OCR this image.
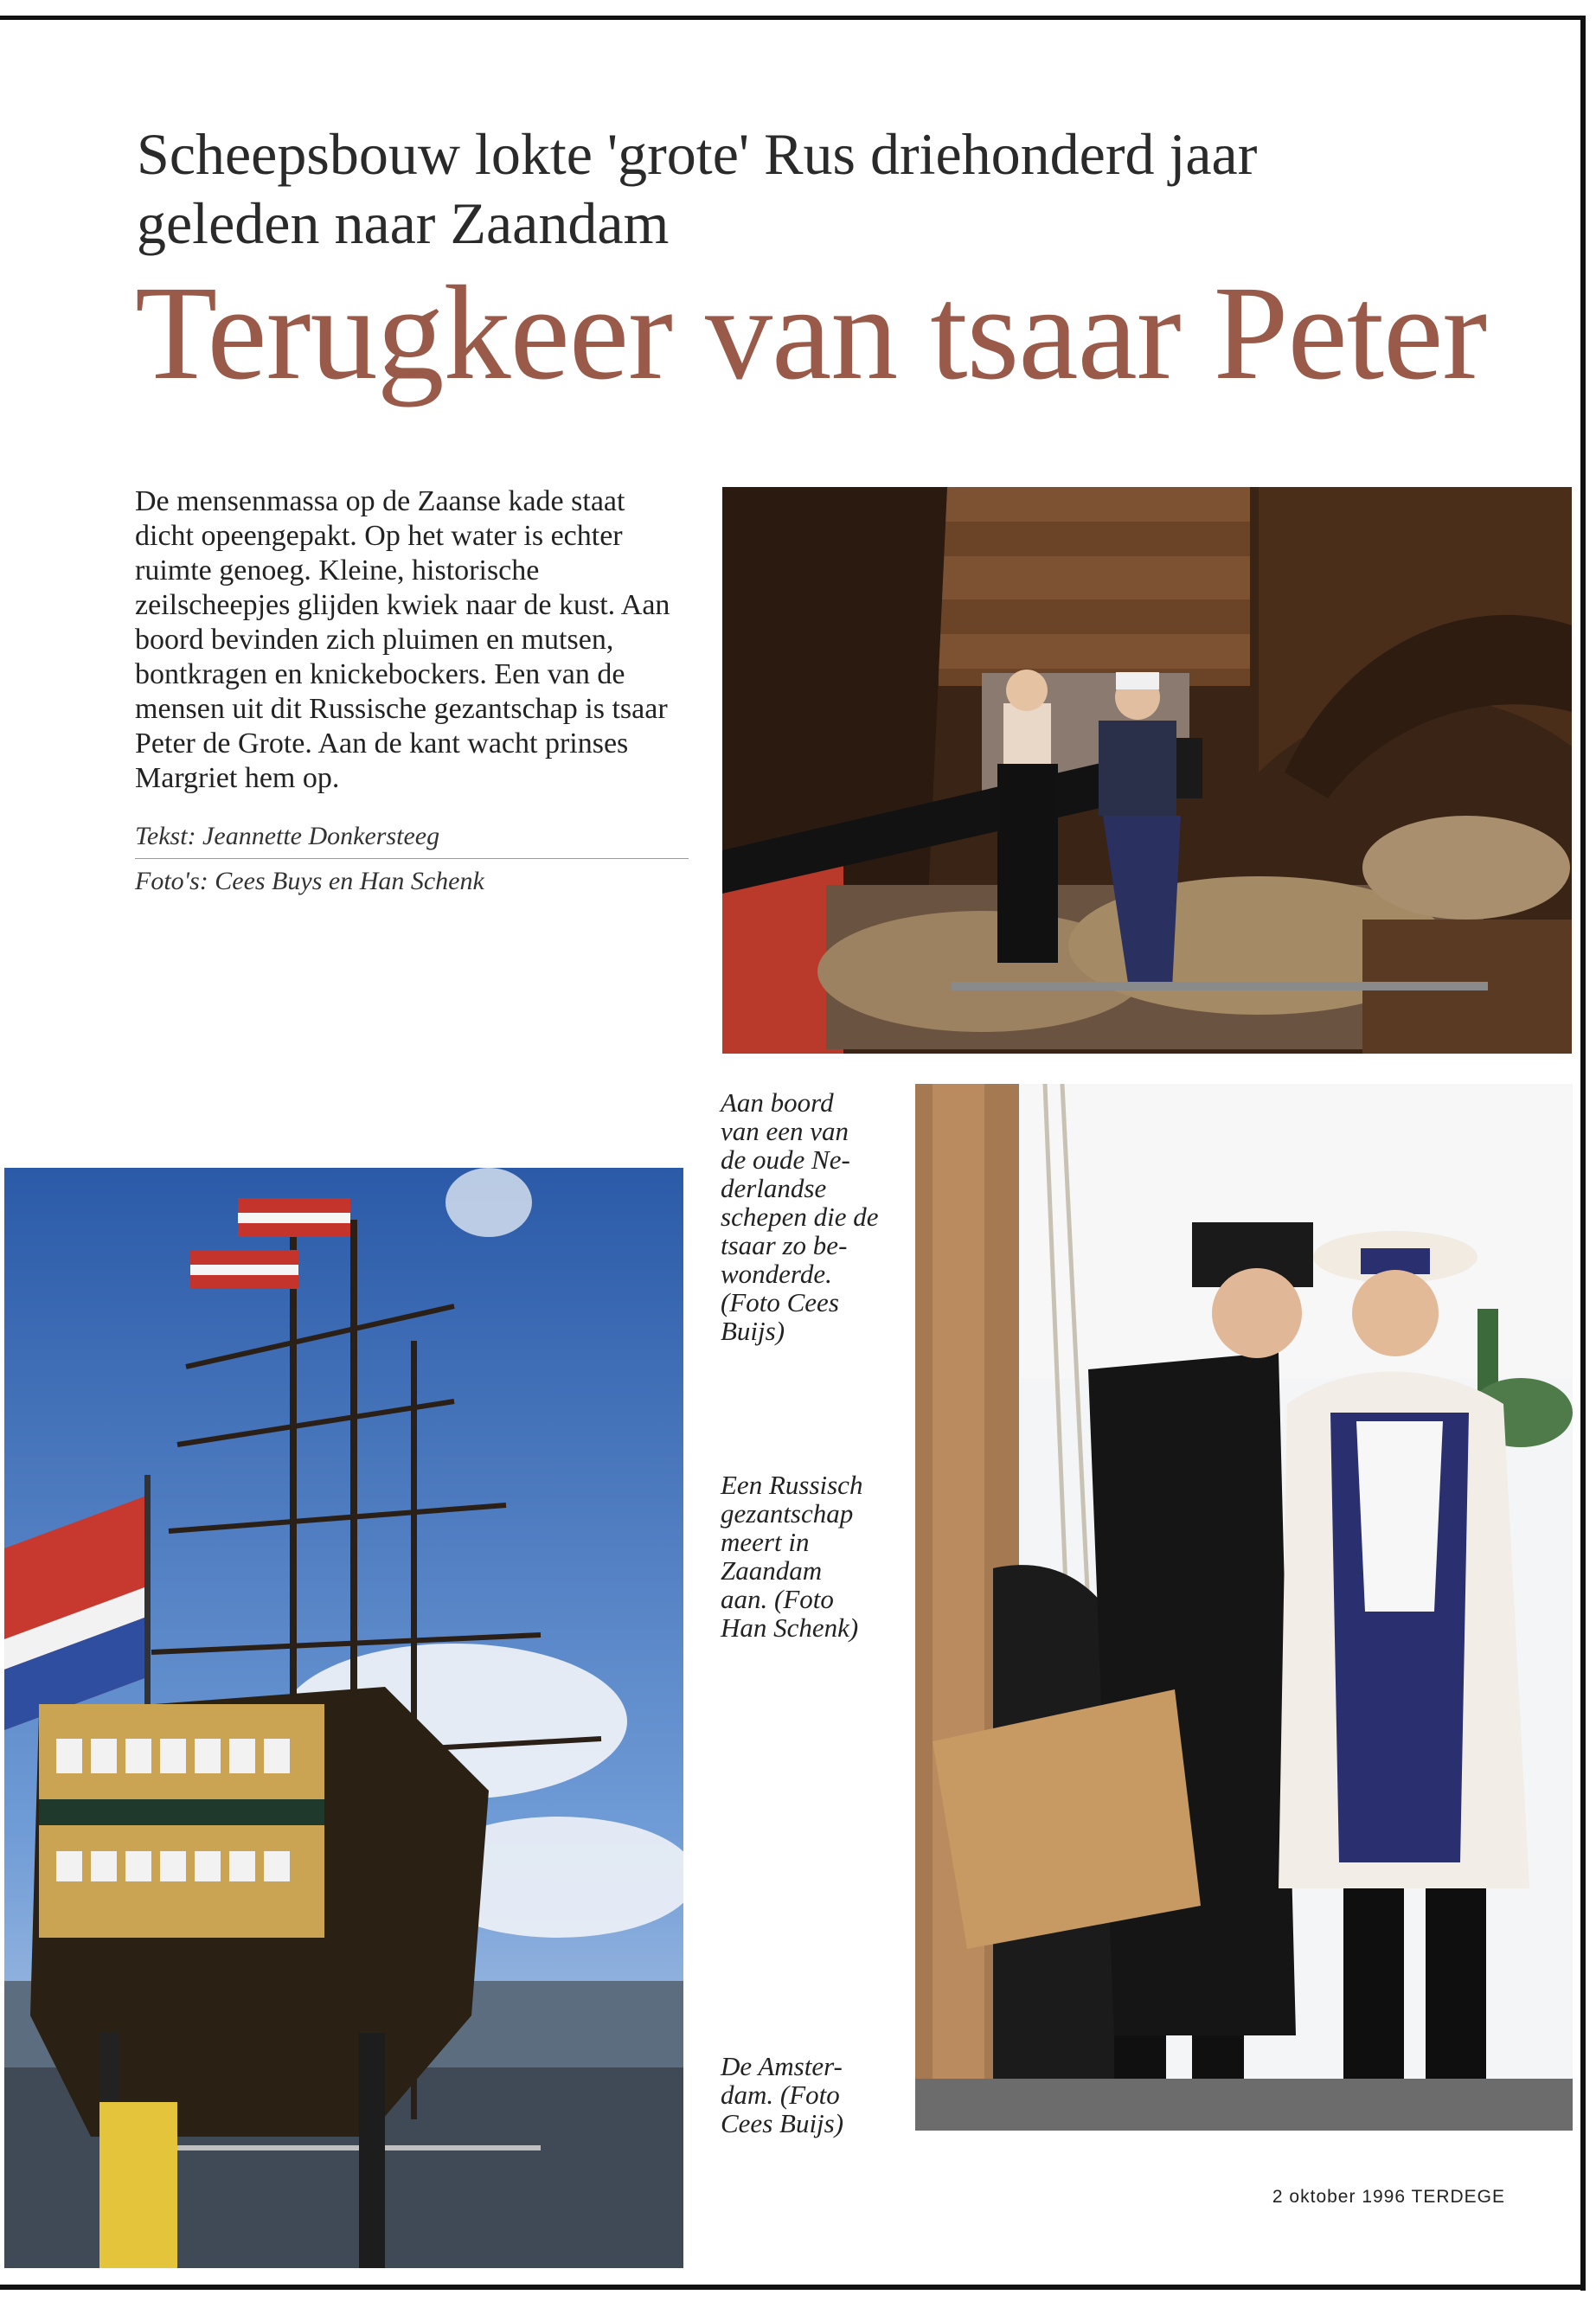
Scheepsbouw lokte 'grote' Rus driehonderd jaar geleden naar Zaandam
Terugkeer van tsaar Peter
De mensenmassa op de Zaanse kade staat dicht opeengepakt. Op het water is echter ruimte genoeg. Kleine, historische zeilscheepjes glijden kwiek naar de kust. Aan boord bevinden zich pluimen en mutsen, bontkragen en knickebockers. Een van de mensen uit dit Russische gezantschap is tsaar Peter de Grote. Aan de kant wacht prinses Margriet hem op.
Tekst: Jeannette Donkersteeg
Foto's: Cees Buys en Han Schenk
Aan boord
van een van
de oude Ne-
derlandse
schepen die de
tsaar zo be-
wonderde.
(Foto Cees
Buijs)
Een Russisch
gezantschap
meert in
Zaandam
aan. (Foto
Han Schenk)
De Amster-
dam. (Foto
Cees Buijs)
2 oktober 1996 TERDEGE
